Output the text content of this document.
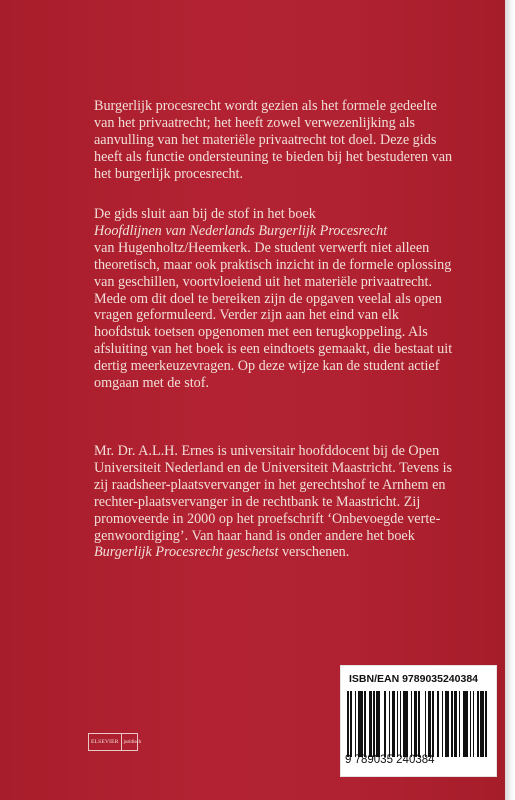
Burgerlijk procesrecht wordt gezien als het formele gedeelte van het privaatrecht; het heeft zowel verwezenlijking als aanvulling van het materiële privaatrecht tot doel. Deze gids heeft als functie ondersteuning te bieden bij het bestuderen van het burgerlijk procesrecht.

De gids sluit aan bij de stof in het boek
Hoofdlijnen van Nederlands Burgerlijk Procesrecht
van Hugenholtz/Heemkerk. De student verwerft niet alleen theoretisch, maar ook praktisch inzicht in de formele oplossing van geschillen, voortvloeiend uit het materiële privaatrecht. Mede om dit doel te bereiken zijn de opgaven veelal als open vragen geformuleerd. Verder zijn aan het eind van elk hoofdstuk toetsen opgenomen met een terugkoppeling. Als afsluiting van het boek is een eindtoets gemaakt, die bestaat uit dertig meerkeuzevragen. Op deze wijze kan de student actief omgaan met de stof.

Mr. Dr. A.L.H. Ernes is universitair hoofddocent bij de Open Universiteit Nederland en de Universiteit Maastricht. Tevens is zij raadsheer-plaatsvervanger in het gerechtshof te Arnhem en rechter-plaatsvervanger in de rechtbank te Maastricht. Zij promoveerde in 2000 op het proefschrift ‘Onbevoegde vertegenwoordiging’. Van haar hand is onder andere het boek Burgerlijk Procesrecht geschetst verschenen.

ELSEVIER	juridisch
ISBN/EAN 9789035240384
9 789035 240384
